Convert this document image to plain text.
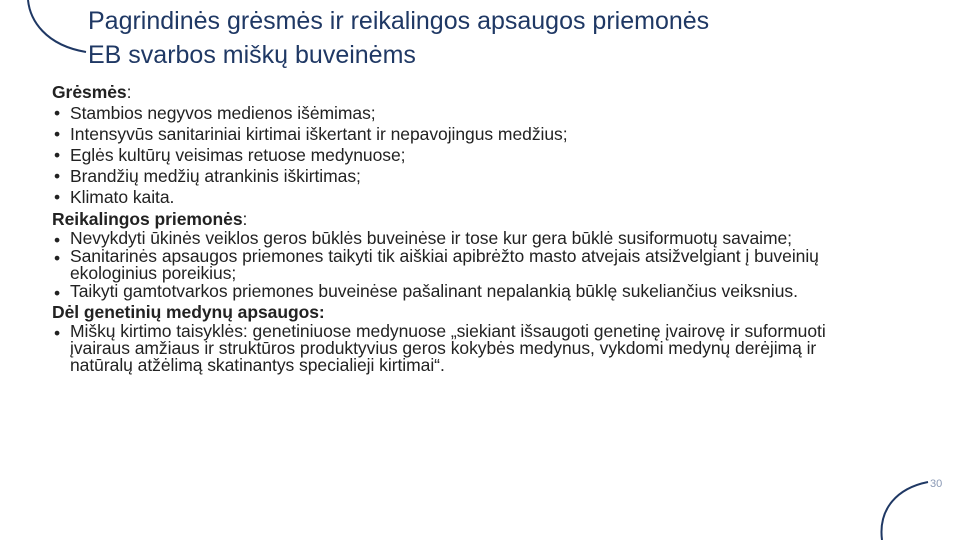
Pagrindinės grėsmės ir reikalingos apsaugos priemonės
EB svarbos miškų buveinėms
Grėsmės:
• Stambios negyvos medienos išėmimas;
• Intensyvūs sanitariniai kirtimai iškertant ir nepavojingus medžius;
• Eglės kultūrų veisimas retuose medynuose;
• Brandžių medžių atrankinis iškirtimas;
• Klimato kaita.
Reikalingos priemonės:
• Nevykdyti ūkinės veiklos geros būklės buveinėse ir tose kur gera būklė susiformuotų savaime;
• Sanitarinės apsaugos priemones taikyti tik aiškiai apibrėžto masto atvejais atsižvelgiant į buveinių ekologinius poreikius;
• Taikyti gamtotvarkos priemones buveinėse pašalinant nepalankią būklę sukeliančius veiksnius.
Dėl genetinių medynų apsaugos:
• Miškų kirtimo taisyklės: genetiniuose medynuose „siekiant išsaugoti genetinę įvairovę ir suformuoti įvairaus amžiaus ir struktūros produktyvius geros kokybės medynus, vykdomi medynų derėjimą ir natūralų atžėlimą skatinantys specialieji kirtimai“.
30
